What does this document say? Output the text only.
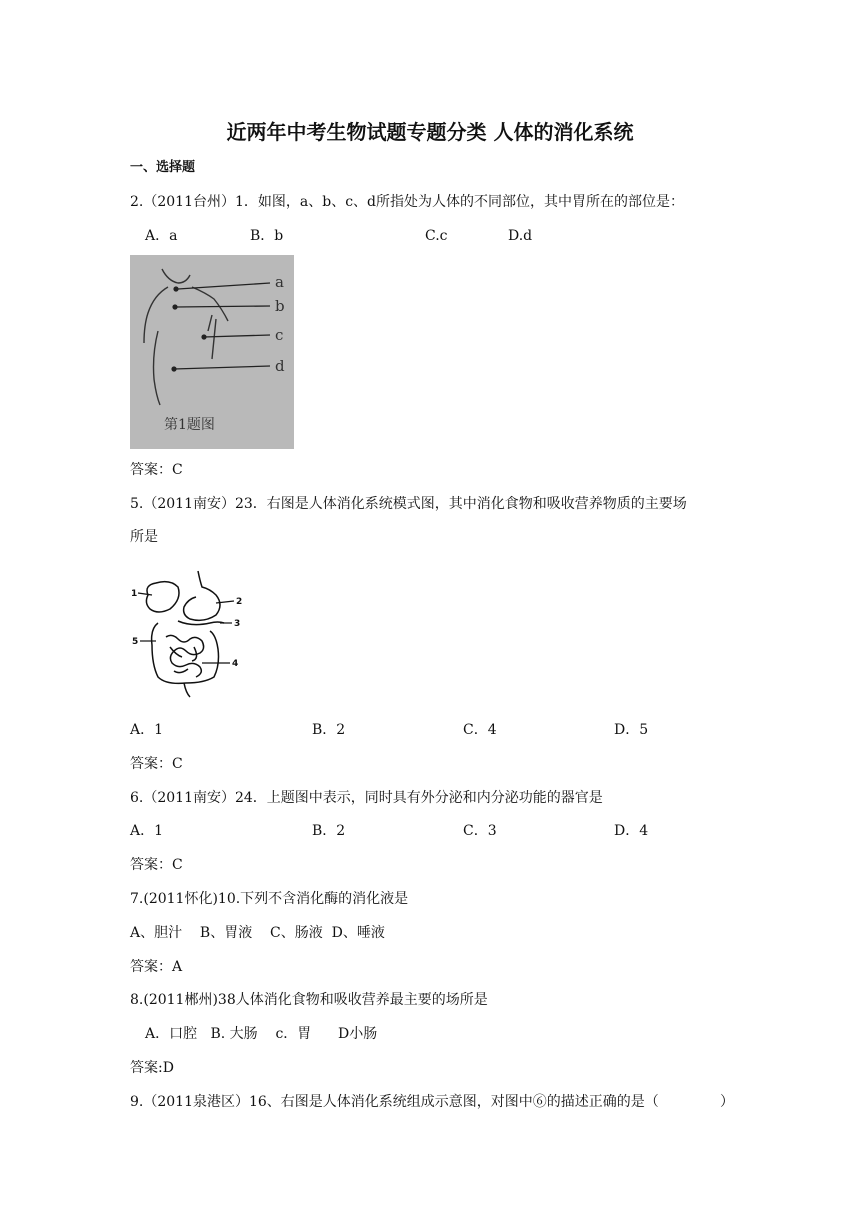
近两年中考生物试题专题分类 人体的消化系统
一、选择题
2.（2011台州）1．如图，a、b、c、d所指处为人体的不同部位，其中胃所在的部位是：
A．a	B．b	C.c	D.d
a
b
c
d
第1题图
答案：C
5.（2011南安）23．右图是人体消化系统模式图，其中消化食物和吸收营养物质的主要场
所是
1
2
3
4
5
A．1	B．2	C．4	D．5
答案：C
6.（2011南安）24．上题图中表示，同时具有外分泌和内分泌功能的器官是
A．1	B．2	C．3	D．4
答案：C
7.(2011怀化)10.下列不含消化酶的消化液是
A、胆汁    B、胃液    C、肠液  D、唾液
答案：A
8.(2011郴州)38人体消化食物和吸收营养最主要的场所是
A．口腔   B. 大肠    c．胃      D小肠
答案:D
9.（2011泉港区）16、右图是人体消化系统组成示意图，对图中⑥的描述正确的是（	）
